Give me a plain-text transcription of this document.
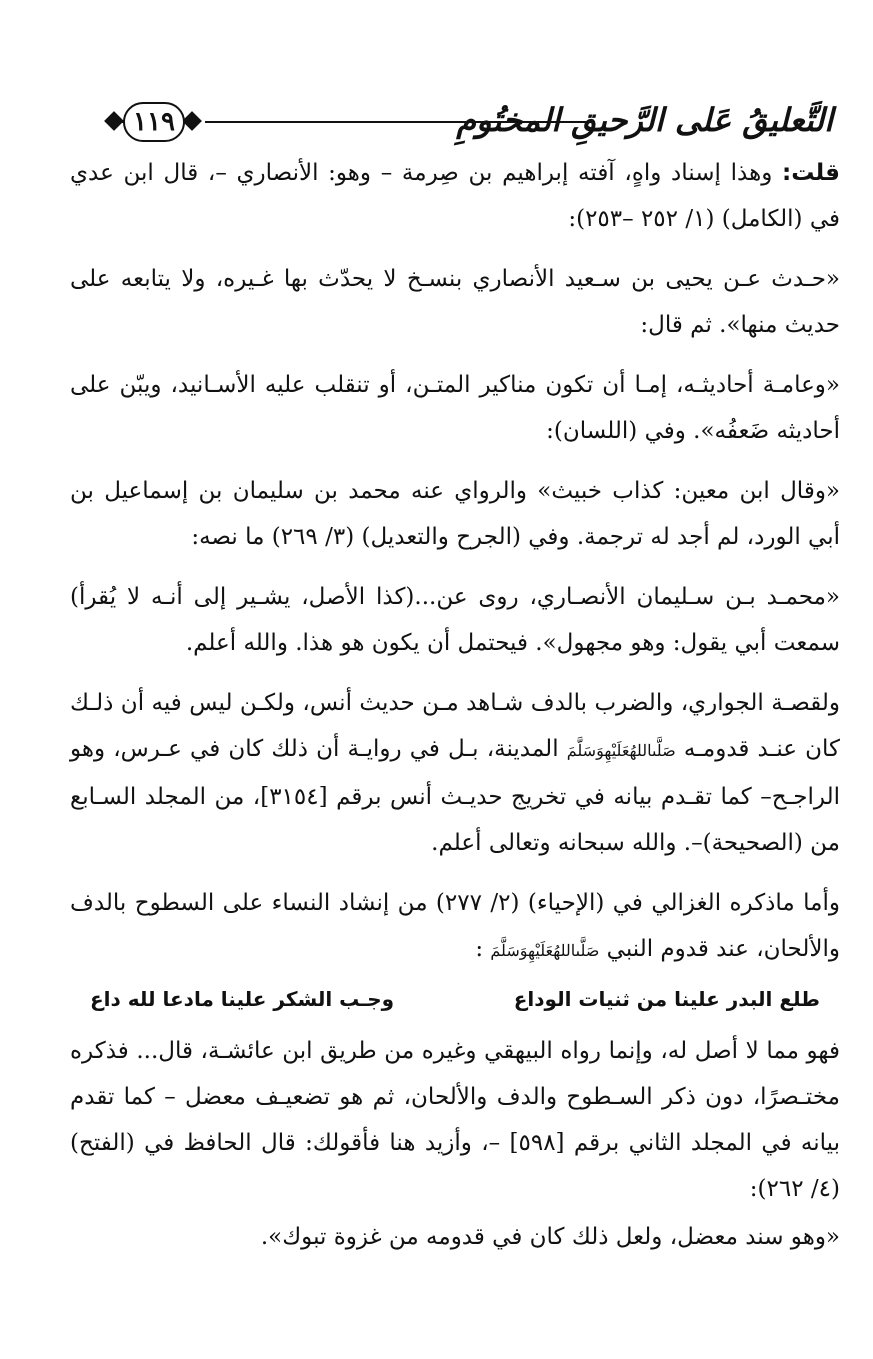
التَّعليقُ عَلى الرَّحيقِ المختُومِ
١١٩

قلت: وهذا إسناد واهٍ، آفته إبراهيم بن صِرمة – وهو: الأنصاري –، قال ابن عدي في (الكامل) (١/ ٢٥٢ –٢٥٣):

«حـدث عـن يحيى بن سـعيد الأنصاري بنسـخ لا يحدّث بها غـيره، ولا يتابعه على حديث منها». ثم قال:

«وعامـة أحاديثـه، إمـا أن تكون مناكير المتـن، أو تنقلب عليه الأسـانيد، ويبّن على أحاديثه ضَعفُه». وفي (اللسان):

«وقال ابن معين: كذاب خبيث» والرواي عنه محمد بن سليمان بن إسماعيل بن أبي الورد، لم أجد له ترجمة. وفي (الجرح والتعديل) (٣/ ٢٦٩) ما نصه:

«محمـد بـن سـليمان الأنصـاري، روى عن...(كذا الأصل، يشـير إلى أنـه لا يُقرأ) سمعت أبي يقول: وهو مجهول». فيحتمل أن يكون هو هذا. والله أعلم.

ولقصـة الجواري، والضرب بالدف شـاهد مـن حديث أنس، ولكـن ليس فيه أن ذلـك كان عنـد قدومـه صَلَّىاللهُعَلَيْهِوَسَلَّمَ المدينة، بـل في روايـة أن ذلك كان في عـرس، وهو الراجـح– كما تقـدم بيانه في تخريج حديـث أنس برقم [٣١٥٤]، من المجلد السـابع من (الصحيحة)–. والله سبحانه وتعالى أعلم.

وأما ماذكره الغزالي في (الإحياء) (٢/ ٢٧٧) من إنشاد النساء على السطوح بالدف والألحان، عند قدوم النبي صَلَّىاللهُعَلَيْهِوَسَلَّمَ :

طلع البدر علينا من ثنيات الوداع
وجـب الشكر علينا مادعا لله داع

فهو مما لا أصل له، وإنما رواه البيهقي وغيره من طريق ابن عائشـة، قال... فذكره مختـصرًا، دون ذكر السـطوح والدف والألحان، ثم هو تضعيـف معضل – كما تقدم بيانه في المجلد الثاني برقم [٥٩٨] –، وأزيد هنا فأقولك: قال الحافظ في (الفتح) (٤/ ٢٦٢):

«وهو سند معضل، ولعل ذلك كان في قدومه من غزوة تبوك».
